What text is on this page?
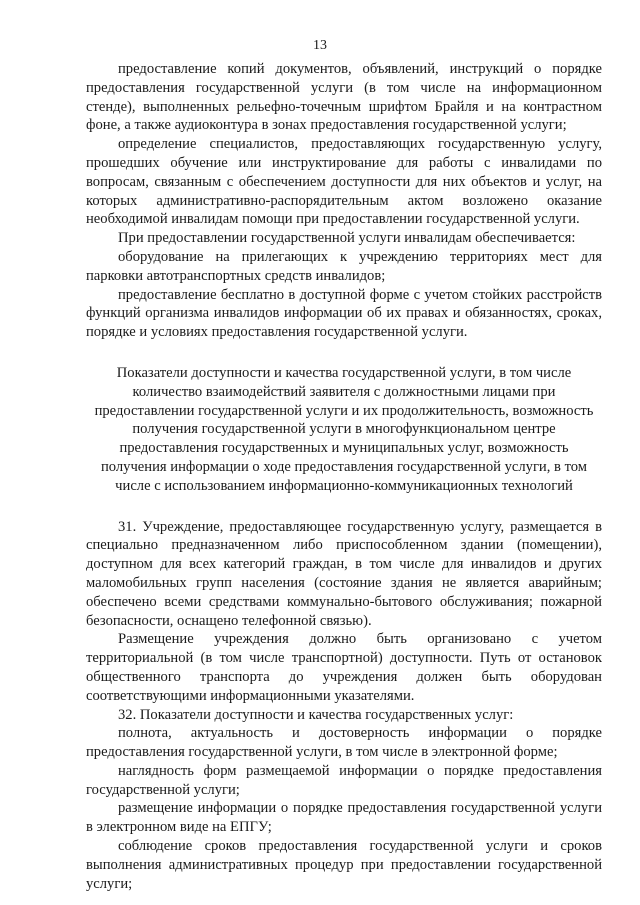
13

предоставление копий документов, объявлений, инструкций о порядке предоставления государственной услуги (в том числе на информационном стенде), выполненных рельефно-точечным шрифтом Брайля и на контрастном фоне, а также аудиоконтура в зонах предоставления государственной услуги;

определение специалистов, предоставляющих государственную услугу, прошедших обучение или инструктирование для работы с инвалидами по вопросам, связанным с обеспечением доступности для них объектов и услуг, на которых административно-распорядительным актом возложено оказание необходимой инвалидам помощи при предоставлении государственной услуги.

При предоставлении государственной услуги инвалидам обеспечивается:

оборудование на прилегающих к учреждению территориях мест для парковки автотранспортных средств инвалидов;

предоставление бесплатно в доступной форме с учетом стойких расстройств функций организма инвалидов информации об их правах и обязанностях, сроках, порядке и условиях предоставления государственной услуги.

Показатели доступности и качества государственной услуги, в том числе количество взаимодействий заявителя с должностными лицами при предоставлении государственной услуги и их продолжительность, возможность получения государственной услуги в многофункциональном центре предоставления государственных и муниципальных услуг, возможность получения информации о ходе предоставления государственной услуги, в том числе с использованием информационно-коммуникационных технологий

31. Учреждение, предоставляющее государственную услугу, размещается в специально предназначенном либо приспособленном здании (помещении), доступном для всех категорий граждан, в том числе для инвалидов и других маломобильных групп населения (состояние здания не является аварийным; обеспечено всеми средствами коммунально-бытового обслуживания; пожарной безопасности, оснащено телефонной связью).

Размещение учреждения должно быть организовано с учетом территориальной (в том числе транспортной) доступности. Путь от остановок общественного транспорта до учреждения должен быть оборудован соответствующими информационными указателями.

32. Показатели доступности и качества государственных услуг:

полнота, актуальность и достоверность информации о порядке предоставления государственной услуги, в том числе в электронной форме;

наглядность форм размещаемой информации о порядке предоставления государственной услуги;

размещение информации о порядке предоставления государственной услуги в электронном виде на ЕПГУ;

соблюдение сроков предоставления государственной услуги и сроков выполнения административных процедур при предоставлении государственной услуги;
